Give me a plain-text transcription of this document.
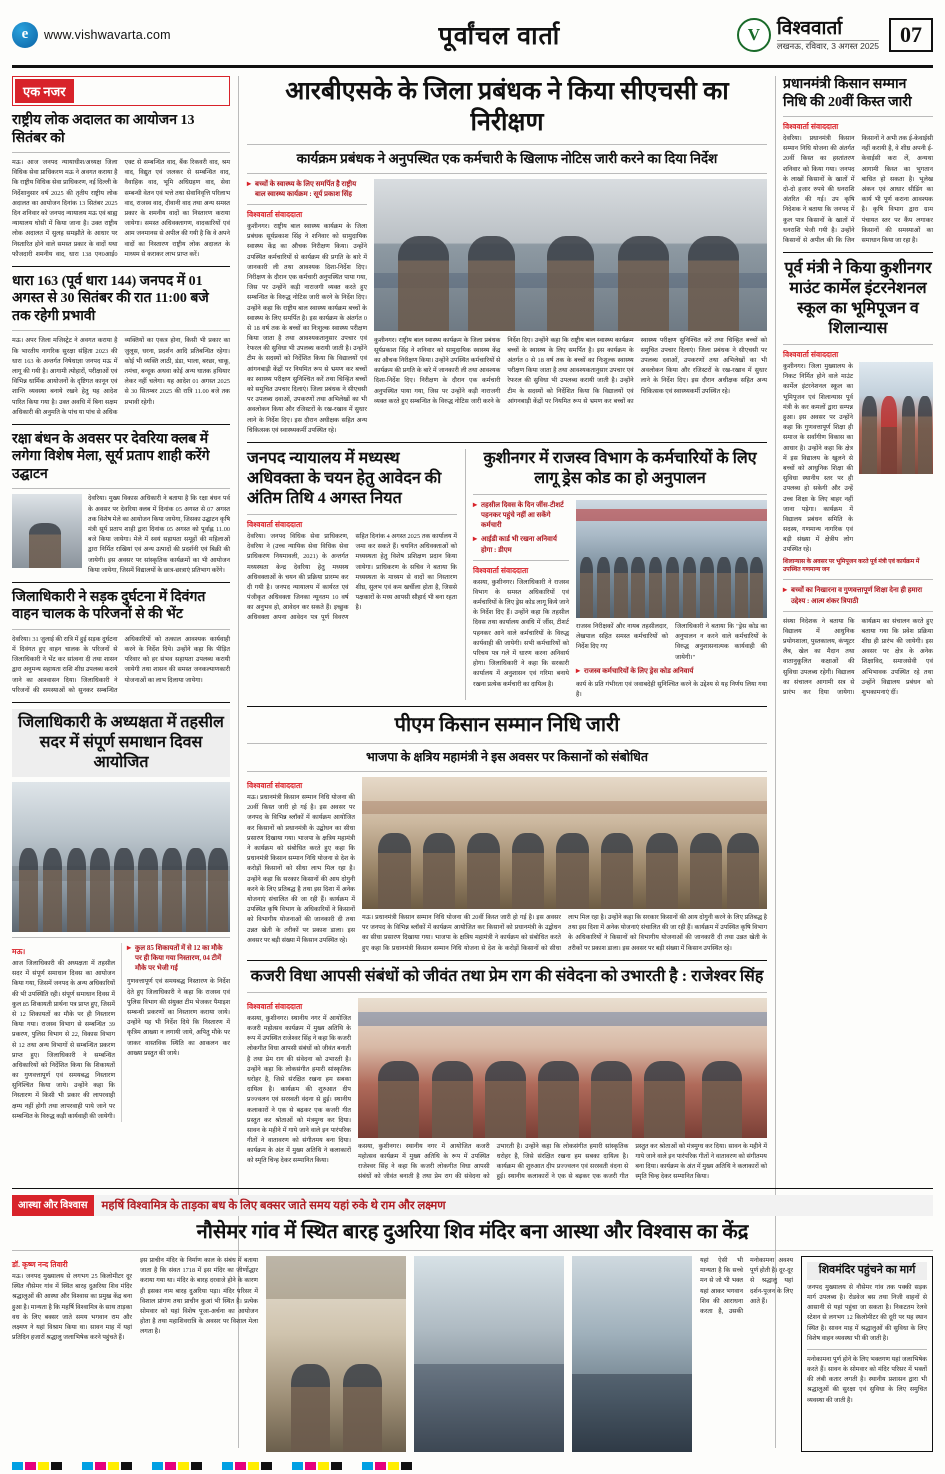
e	www.vishwavarta.com	पूर्वांचल वार्ता	V विश्ववार्ता
लखनऊ, रविवार, 3 अगस्त 2025 07
एक नजर
राष्ट्रीय लोक अदालत का आयोजन 13 सितंबर को
मऊ। आज जनपद न्यायाधीश/अध्यक्ष जिला विधिक सेवा प्राधिकरण मऊ ने अवगत कराया है कि राष्ट्रीय विधिक सेवा प्राधिकरण, नई दिल्ली के निर्देशानुसार वर्ष 2025 की तृतीय राष्ट्रीय लोक अदालत का आयोजन दिनांक 13 सितंबर 2025 दिन शनिवार को जनपद न्यायालय मऊ एवं बाह्य न्यायालय घोसी में किया जाना है। उक्त राष्ट्रीय लोक अदालत में सुलह समझौते के आधार पर निस्तारित होने वाले समस्त प्रकार के वादों यथा फौजदारी शमनीय वाद, धारा 138 एन0आई0 एक्ट से सम्बन्धित वाद, बैंक रिकवरी वाद, श्रम वाद, विद्युत एवं जलकर से सम्बन्धित वाद, वैवाहिक वाद, भूमि अधिग्रहण वाद, सेवा सम्बन्धी वेतन एवं भत्ते तथा सेवानिवृत्ति परिलाभ वाद, राजस्व वाद, दीवानी वाद तथा अन्य समस्त प्रकार के शमनीय वादों का निस्तारण कराया जायेगा। समस्त अधिवक्तागण, वादकारियों एवं आम जनमानस से अपील की गयी है कि वे अपने वादों का निस्तारण राष्ट्रीय लोक अदालत के माध्यम से कराकर लाभ प्राप्त करें।
धारा 163 (पूर्व धारा 144) जनपद में 01 अगस्त से 30 सितंबर की रात 11:00 बजे तक रहेगी प्रभावी
मऊ। अपर जिला मजिस्ट्रेट ने अवगत कराया है कि भारतीय नागरिक सुरक्षा संहिता 2023 की धारा 163 के अन्तर्गत निषेधाज्ञा जनपद मऊ में लागू की गयी है। आगामी त्योहारों, परीक्षाओं एवं विभिन्न धार्मिक आयोजनों के दृष्टिगत कानून एवं शान्ति व्यवस्था बनाये रखने हेतु यह आदेश पारित किया गया है। उक्त अवधि में बिना सक्षम अधिकारी की अनुमति के पांच या पांच से अधिक व्यक्तियों का एकत्र होना, किसी भी प्रकार का जुलूस, धरना, प्रदर्शन आदि प्रतिबन्धित रहेगा। कोई भी व्यक्ति लाठी, डंडा, भाला, बरछा, चाकू, तमंचा, बन्दूक अथवा कोई अन्य घातक हथियार लेकर नहीं चलेगा। यह आदेश 01 अगस्त 2025 से 30 सितम्बर 2025 की रात्रि 11.00 बजे तक प्रभावी रहेगी।
रक्षा बंधन के अवसर पर देवरिया क्लब में लगेगा विशेष मेला, सूर्य प्रताप शाही करेंगे उद्घाटन
देवरिया। मुख्य विकास अधिकारी ने बताया है कि रक्षा बंधन पर्व के अवसर पर देवरिया क्लब में दिनांक 05 अगस्त से 07 अगस्त तक विशेष मेले का आयोजन किया जायेगा, जिसका उद्घाटन कृषि मंत्री सूर्य प्रताप शाही द्वारा दिनांक 05 अगस्त को पूर्वाह्न 11.00 बजे किया जायेगा। मेले में स्वयं सहायता समूहों की महिलाओं द्वारा निर्मित राखियां एवं अन्य उत्पादों की प्रदर्शनी एवं बिक्री की जायेगी। इस अवसर पर सांस्कृतिक कार्यक्रमों का भी आयोजन किया जायेगा, जिसमें विद्यालयों के छात्र-छात्राएं प्रतिभाग करेंगे।
जिलाधिकारी ने सड़क दुर्घटना में दिवंगत वाहन चालक के परिजनों से की भेंट
देवरिया। 31 जुलाई की रात्रि में हुई सड़क दुर्घटना में दिवंगत हुए वाहन चालक के परिजनों से जिलाधिकारी ने भेंट कर सांत्वना दी तथा शासन द्वारा अनुमन्य सहायता राशि शीघ्र उपलब्ध कराये जाने का आश्वासन दिया। जिलाधिकारी ने परिजनों की समस्याओं को सुनकर सम्बन्धित अधिकारियों को तत्काल आवश्यक कार्यवाही करने के निर्देश दिये। उन्होंने कहा कि पीड़ित परिवार को हर संभव सहायता उपलब्ध करायी जायेगी तथा शासन की समस्त जनकल्याणकारी योजनाओं का लाभ दिलाया जायेगा।
जिलाधिकारी के अध्यक्षता में तहसील सदर में संपूर्ण समाधान दिवस आयोजित
मऊ।
आज जिलाधिकारी की अध्यक्षता में तहसील सदर में संपूर्ण समाधान दिवस का आयोजन किया गया, जिसमें जनपद के अन्य अधिकारियों की भी उपस्थिति रही। संपूर्ण समाधान दिवस में कुल 85 शिकायती प्रार्थना पत्र प्राप्त हुए, जिसमें से 12 शिकायतों का मौके पर ही निस्तारण किया गया। राजस्व विभाग से सम्बन्धित 39 प्रकरण, पुलिस विभाग से 22, विकास विभाग से 12 तथा अन्य विभागों से सम्बन्धित प्रकरण प्राप्त हुए। जिलाधिकारी ने सम्बन्धित अधिकारियों को निर्देशित किया कि शिकायतों का गुणवत्तापूर्ण एवं समयबद्ध निस्तारण सुनिश्चित किया जाये। उन्होंने कहा कि निस्तारण में किसी भी प्रकार की लापरवाही क्षम्य नहीं होगी तथा लापरवाही पाये जाने पर सम्बन्धित के विरुद्ध कड़ी कार्यवाही की जायेगी।
▸ कुल 85 शिकायतों में से 12 का मौके पर ही किया गया निस्तारण, 04 टीमें मौके पर भेजी गई
गुणवत्तापूर्ण एवं समयबद्ध निस्तारण के निर्देश देते हुए जिलाधिकारी ने कहा कि राजस्व एवं पुलिस विभाग की संयुक्त टीम भेजकर पैमाइश सम्बन्धी प्रकरणों का निस्तारण कराया जाये। उन्होंने यह भी निर्देश दिये कि निस्तारण में कृत्रिम आख्या न लगायी जाये, अपितु मौके पर जाकर वास्तविक स्थिति का आकलन कर आख्या प्रस्तुत की जाये।
आरबीएसके के जिला प्रबंधक ने किया सीएचसी का निरीक्षण
कार्यक्रम प्रबंधक ने अनुपस्थित एक कर्मचारी के खिलाफ नोटिस जारी करने का दिया निर्देश
▸ बच्चों के स्वास्थ्य के लिए समर्पित है राष्ट्रीय बाल स्वास्थ्य कार्यक्रम : सूर्य प्रकाश सिंह
विश्ववार्ता संवाददाता
कुशीनगर। राष्ट्रीय बाल स्वास्थ्य कार्यक्रम के जिला प्रबंधक सूर्यप्रकाश सिंह ने शनिवार को सामुदायिक स्वास्थ्य केंद्र का औचक निरीक्षण किया। उन्होंने उपस्थित कर्मचारियों से कार्यक्रम की प्रगति के बारे में जानकारी ली तथा आवश्यक दिशा-निर्देश दिए। निरीक्षण के दौरान एक कर्मचारी अनुपस्थित पाया गया, जिस पर उन्होंने कड़ी नाराजगी व्यक्त करते हुए सम्बन्धित के विरुद्ध नोटिस जारी करने के निर्देश दिए। उन्होंने कहा कि राष्ट्रीय बाल स्वास्थ्य कार्यक्रम बच्चों के स्वास्थ्य के लिए समर्पित है। इस कार्यक्रम के अंतर्गत 0 से 18 वर्ष तक के बच्चों का निःशुल्क स्वास्थ्य परीक्षण किया जाता है तथा आवश्यकतानुसार उपचार एवं रेफरल की सुविधा भी उपलब्ध करायी जाती है। उन्होंने टीम के सदस्यों को निर्देशित किया कि विद्यालयों एवं आंगनबाड़ी केंद्रों पर नियमित रूप से भ्रमण कर बच्चों का स्वास्थ्य परीक्षण सुनिश्चित करें तथा चिन्हित बच्चों को समुचित उपचार दिलाएं। जिला प्रबंधक ने सीएचसी पर उपलब्ध दवाओं, उपकरणों तथा अभिलेखों का भी अवलोकन किया और रजिस्टरों के रख-रखाव में सुधार लाने के निर्देश दिए। इस दौरान अधीक्षक सहित अन्य चिकित्सक एवं स्वास्थ्यकर्मी उपस्थित रहे।
कुशीनगर। राष्ट्रीय बाल स्वास्थ्य कार्यक्रम के जिला प्रबंधक सूर्यप्रकाश सिंह ने शनिवार को सामुदायिक स्वास्थ्य केंद्र का औचक निरीक्षण किया। उन्होंने उपस्थित कर्मचारियों से कार्यक्रम की प्रगति के बारे में जानकारी ली तथा आवश्यक दिशा-निर्देश दिए। निरीक्षण के दौरान एक कर्मचारी अनुपस्थित पाया गया, जिस पर उन्होंने कड़ी नाराजगी व्यक्त करते हुए सम्बन्धित के विरुद्ध नोटिस जारी करने के निर्देश दिए। उन्होंने कहा कि राष्ट्रीय बाल स्वास्थ्य कार्यक्रम बच्चों के स्वास्थ्य के लिए समर्पित है। इस कार्यक्रम के अंतर्गत 0 से 18 वर्ष तक के बच्चों का निःशुल्क स्वास्थ्य परीक्षण किया जाता है तथा आवश्यकतानुसार उपचार एवं रेफरल की सुविधा भी उपलब्ध करायी जाती है। उन्होंने टीम के सदस्यों को निर्देशित किया कि विद्यालयों एवं आंगनबाड़ी केंद्रों पर नियमित रूप से भ्रमण कर बच्चों का स्वास्थ्य परीक्षण सुनिश्चित करें तथा चिन्हित बच्चों को समुचित उपचार दिलाएं। जिला प्रबंधक ने सीएचसी पर उपलब्ध दवाओं, उपकरणों तथा अभिलेखों का भी अवलोकन किया और रजिस्टरों के रख-रखाव में सुधार लाने के निर्देश दिए। इस दौरान अधीक्षक सहित अन्य चिकित्सक एवं स्वास्थ्यकर्मी उपस्थित रहे।
जनपद न्यायालय में मध्यस्थ अधिवक्ता के चयन हेतु आवेदन की अंतिम तिथि 4 अगस्त नियत
विश्ववार्ता संवाददाता
देवरिया। जनपद विधिक सेवा प्राधिकरण, देवरिया ने (उच्च न्यायिक सेवा विधिक सेवा प्राधिकरण नियमावली, 2021) के अन्तर्गत मध्यस्थता केन्द्र देवरिया हेतु मध्यस्थ अधिवक्ताओं के चयन की प्रक्रिया प्रारम्भ कर दी गयी है। जनपद न्यायालय में कार्यरत एवं पंजीकृत अधिवक्ता जिनका न्यूनतम 10 वर्ष का अनुभव हो, आवेदन कर सकते हैं। इच्छुक अधिवक्ता अपना आवेदन पत्र पूर्ण विवरण सहित दिनांक 4 अगस्त 2025 तक कार्यालय में जमा कर सकते हैं। चयनित अधिवक्ताओं को मध्यस्थता हेतु विशेष प्रशिक्षण प्रदान किया जायेगा। प्राधिकरण के सचिव ने बताया कि मध्यस्थता के माध्यम से वादों का निस्तारण शीघ्र, सुलभ एवं कम खर्चीला होता है, जिससे पक्षकारों के मध्य आपसी सौहार्द भी बना रहता है।
कुशीनगर में राजस्व विभाग के कर्मचारियों के लिए लागू ड्रेस कोड का हो अनुपालन
▸ तहसील दिवस के दिन जींस-टीशर्ट पहनकर पहुंचे नहीं आ सकेंगे कर्मचारी
▸ आईडी कार्ड भी रखना अनिवार्य होगा : डीएम
विश्ववार्ता संवाददाता
कसया, कुशीनगर। जिलाधिकारी ने राजस्व विभाग के समस्त अधिकारियों एवं कर्मचारियों के लिए ड्रेस कोड लागू किये जाने के निर्देश दिए हैं। उन्होंने कहा कि तहसील दिवस तथा कार्यालय अवधि में जींस, टीशर्ट पहनकर आने वाले कर्मचारियों के विरुद्ध कार्यवाही की जायेगी। सभी कर्मचारियों को परिचय पत्र गले में धारण करना अनिवार्य होगा। जिलाधिकारी ने कहा कि सरकारी कार्यालय में अनुशासन एवं गरिमा बनाये रखना प्रत्येक कर्मचारी का दायित्व है।
राजस्व निरीक्षकों और नायब तहसीलदार, लेखपाल सहित समस्त कर्मचारियों को निर्देश दिए गए
जिलाधिकारी ने बताया कि "ड्रेस कोड का अनुपालन न करने वाले कर्मचारियों के विरुद्ध अनुशासनात्मक कार्यवाही की जायेगी।"
▸ राजस्व कर्मचारियों के लिए ड्रेस कोड अनिवार्य
कार्य के प्रति गंभीरता एवं जवाबदेही सुनिश्चित करने के उद्देश्य से यह निर्णय लिया गया है।
पीएम किसान सम्मान निधि जारी
भाजपा के क्षत्रिय महामंत्री ने इस अवसर पर किसानों को संबोधित
विश्ववार्ता संवाददाता
मऊ। प्रधानमंत्री किसान सम्मान निधि योजना की 20वीं किस्त जारी हो गई है। इस अवसर पर जनपद के विभिन्न ब्लॉकों में कार्यक्रम आयोजित कर किसानों को प्रधानमंत्री के उद्बोधन का सीधा प्रसारण दिखाया गया। भाजपा के क्षत्रिय महामंत्री ने कार्यक्रम को संबोधित करते हुए कहा कि प्रधानमंत्री किसान सम्मान निधि योजना से देश के करोड़ों किसानों को सीधा लाभ मिल रहा है। उन्होंने कहा कि सरकार किसानों की आय दोगुनी करने के लिए प्रतिबद्ध है तथा इस दिशा में अनेक योजनाएं संचालित की जा रही हैं। कार्यक्रम में उपस्थित कृषि विभाग के अधिकारियों ने किसानों को विभागीय योजनाओं की जानकारी दी तथा उन्नत खेती के तरीकों पर प्रकाश डाला। इस अवसर पर बड़ी संख्या में किसान उपस्थित रहे।
मऊ। प्रधानमंत्री किसान सम्मान निधि योजना की 20वीं किस्त जारी हो गई है। इस अवसर पर जनपद के विभिन्न ब्लॉकों में कार्यक्रम आयोजित कर किसानों को प्रधानमंत्री के उद्बोधन का सीधा प्रसारण दिखाया गया। भाजपा के क्षत्रिय महामंत्री ने कार्यक्रम को संबोधित करते हुए कहा कि प्रधानमंत्री किसान सम्मान निधि योजना से देश के करोड़ों किसानों को सीधा लाभ मिल रहा है। उन्होंने कहा कि सरकार किसानों की आय दोगुनी करने के लिए प्रतिबद्ध है तथा इस दिशा में अनेक योजनाएं संचालित की जा रही हैं। कार्यक्रम में उपस्थित कृषि विभाग के अधिकारियों ने किसानों को विभागीय योजनाओं की जानकारी दी तथा उन्नत खेती के तरीकों पर प्रकाश डाला। इस अवसर पर बड़ी संख्या में किसान उपस्थित रहे।
कजरी विधा आपसी संबंधों को जीवंत तथा प्रेम राग की संवेदना को उभारती है : राजेश्वर सिंह
विश्ववार्ता संवाददाता
कसया, कुशीनगर। स्थानीय नगर में आयोजित कजरी महोत्सव कार्यक्रम में मुख्य अतिथि के रूप में उपस्थित राजेश्वर सिंह ने कहा कि कजरी लोकगीत विधा आपसी संबंधों को जीवंत बनाती है तथा प्रेम राग की संवेदना को उभारती है। उन्होंने कहा कि लोकसंगीत हमारी सांस्कृतिक धरोहर है, जिसे संरक्षित रखना हम सबका दायित्व है। कार्यक्रम की शुरुआत दीप प्रज्ज्वलन एवं सरस्वती वंदना से हुई। स्थानीय कलाकारों ने एक से बढ़कर एक कजरी गीत प्रस्तुत कर श्रोताओं को मंत्रमुग्ध कर दिया। सावन के महीने में गाये जाने वाले इन पारंपरिक गीतों ने वातावरण को संगीतमय बना दिया। कार्यक्रम के अंत में मुख्य अतिथि ने कलाकारों को स्मृति चिन्ह देकर सम्मानित किया।
कसया, कुशीनगर। स्थानीय नगर में आयोजित कजरी महोत्सव कार्यक्रम में मुख्य अतिथि के रूप में उपस्थित राजेश्वर सिंह ने कहा कि कजरी लोकगीत विधा आपसी संबंधों को जीवंत बनाती है तथा प्रेम राग की संवेदना को उभारती है। उन्होंने कहा कि लोकसंगीत हमारी सांस्कृतिक धरोहर है, जिसे संरक्षित रखना हम सबका दायित्व है। कार्यक्रम की शुरुआत दीप प्रज्ज्वलन एवं सरस्वती वंदना से हुई। स्थानीय कलाकारों ने एक से बढ़कर एक कजरी गीत प्रस्तुत कर श्रोताओं को मंत्रमुग्ध कर दिया। सावन के महीने में गाये जाने वाले इन पारंपरिक गीतों ने वातावरण को संगीतमय बना दिया। कार्यक्रम के अंत में मुख्य अतिथि ने कलाकारों को स्मृति चिन्ह देकर सम्मानित किया।
प्रधानमंत्री किसान सम्मान निधि की 20वीं किस्त जारी
विश्ववार्ता संवाददाता
देवरिया। प्रधानमंत्री किसान सम्मान निधि योजना की अंतर्गत 20वीं किस्त का हस्तांतरण शनिवार को किया गया। जनपद के लाखों किसानों के खातों में दो-दो हजार रुपये की धनराशि अंतरित की गई। उप कृषि निदेशक ने बताया कि जनपद में कुल पात्र किसानों के खातों में धनराशि भेजी गयी है। उन्होंने किसानों से अपील की कि जिन किसानों ने अभी तक ई-केवाईसी नहीं करायी है, वे शीघ्र अपनी ई-केवाईसी करा लें, अन्यथा आगामी किस्त का भुगतान बाधित हो सकता है। भूलेख अंकन एवं आधार सीडिंग का कार्य भी पूर्ण कराना आवश्यक है। कृषि विभाग द्वारा ग्राम पंचायत स्तर पर कैंप लगाकर किसानों की समस्याओं का समाधान किया जा रहा है।
पूर्व मंत्री ने किया कुशीनगर माउंट कार्मेल इंटरनेशनल स्कूल का भूमिपूजन व शिलान्यास
विश्ववार्ता संवाददाता
कुशीनगर। जिला मुख्यालय के निकट निर्मित होने वाले माउंट कार्मेल इंटरनेशनल स्कूल का भूमिपूजन एवं शिलान्यास पूर्व मंत्री के कर कमलों द्वारा सम्पन्न हुआ। इस अवसर पर उन्होंने कहा कि गुणवत्तापूर्ण शिक्षा ही समाज के सर्वांगीण विकास का आधार है। उन्होंने कहा कि क्षेत्र में इस विद्यालय के खुलने से बच्चों को आधुनिक शिक्षा की सुविधा स्थानीय स्तर पर ही उपलब्ध हो सकेगी और उन्हें उच्च शिक्षा के लिए बाहर नहीं जाना पड़ेगा। कार्यक्रम में विद्यालय प्रबंधन समिति के सदस्य, गणमान्य नागरिक एवं बड़ी संख्या में क्षेत्रीय लोग उपस्थित रहे।
शिलान्यास के अवसर पर भूमिपूजन करते पूर्व मंत्री एवं कार्यक्रम में उपस्थित गणमान्य जन
▸ बच्चों का निखारना व गुणवत्तापूर्ण शिक्षा देना ही हमारा उद्देश्य : आत्म शंकर त्रिपाठी
संस्था निदेशक ने बताया कि विद्यालय में आधुनिक प्रयोगशाला, पुस्तकालय, कंप्यूटर लैब, खेल का मैदान तथा वातानुकूलित कक्षाओं की सुविधा उपलब्ध रहेगी। विद्यालय का संचालन आगामी सत्र से प्रारंभ कर दिया जायेगा। कार्यक्रम का संचालन करते हुए बताया गया कि प्रवेश प्रक्रिया शीघ्र ही प्रारंभ की जायेगी। इस अवसर पर क्षेत्र के अनेक शिक्षाविद, समाजसेवी एवं अभिभावक उपस्थित रहे तथा उन्होंने विद्यालय प्रबंधन को शुभकामनाएं दीं।
आस्था और विश्वास	महर्षि विश्वामित्र के ताड़का बध के लिए बक्सर जाते समय यहां रुके थे राम और लक्ष्मण
नौसेमर गांव में स्थित बारह दुअरिया शिव मंदिर बना आस्था और विश्वास का केंद्र
डॉ. कृष्ण नन्द तिवारी
मऊ। जनपद मुख्यालय से लगभग 25 किलोमीटर दूर स्थित नौसेमर गांव में स्थित बारह दुअरिया शिव मंदिर श्रद्धालुओं की आस्था और विश्वास का प्रमुख केंद्र बना हुआ है। मान्यता है कि महर्षि विश्वामित्र के साथ ताड़का वध के लिए बक्सर जाते समय भगवान राम और लक्ष्मण ने यहां विश्राम किया था। सावन माह में यहां प्रतिदिन हजारों श्रद्धालु जलाभिषेक करने पहुंचते हैं।
इस प्राचीन मंदिर के निर्माण काल के संबंध में बताया जाता है कि संवत 1718 में इस मंदिर का जीर्णोद्धार कराया गया था। मंदिर के बारह दरवाजे होने के कारण ही इसका नाम बारह दुअरिया पड़ा। मंदिर परिसर में विशाल प्रांगण तथा प्राचीन कुआं भी स्थित है। प्रत्येक सोमवार को यहां विशेष पूजा-अर्चना का आयोजन होता है तथा महाशिवरात्रि के अवसर पर विशाल मेला लगता है।
यहां ऐसी भी मान्यता है कि सच्चे मन से जो भी भक्त यहां आकर भगवान शिव की आराधना करता है, उसकी मनोकामना अवश्य पूर्ण होती है। दूर-दूर से श्रद्धालु यहां दर्शन-पूजन के लिए आते हैं।
शिवमंदिर पहुंचने का मार्ग
जनपद मुख्यालय से नौसेमर गांव तक पक्की सड़क मार्ग उपलब्ध है। रोडवेज बस तथा निजी वाहनों से आसानी से यहां पहुंचा जा सकता है। निकटतम रेलवे स्टेशन से लगभग 12 किलोमीटर की दूरी पर यह स्थान स्थित है। सावन माह में श्रद्धालुओं की सुविधा के लिए विशेष वाहन व्यवस्था भी की जाती है।
मनोकामना पूर्ण होने के लिए भक्तगण यहां जलाभिषेक करते हैं। सावन के सोमवार को मंदिर परिसर में भक्तों की लंबी कतार लगती है। स्थानीय प्रशासन द्वारा भी श्रद्धालुओं की सुरक्षा एवं सुविधा के लिए समुचित व्यवस्था की जाती है।
